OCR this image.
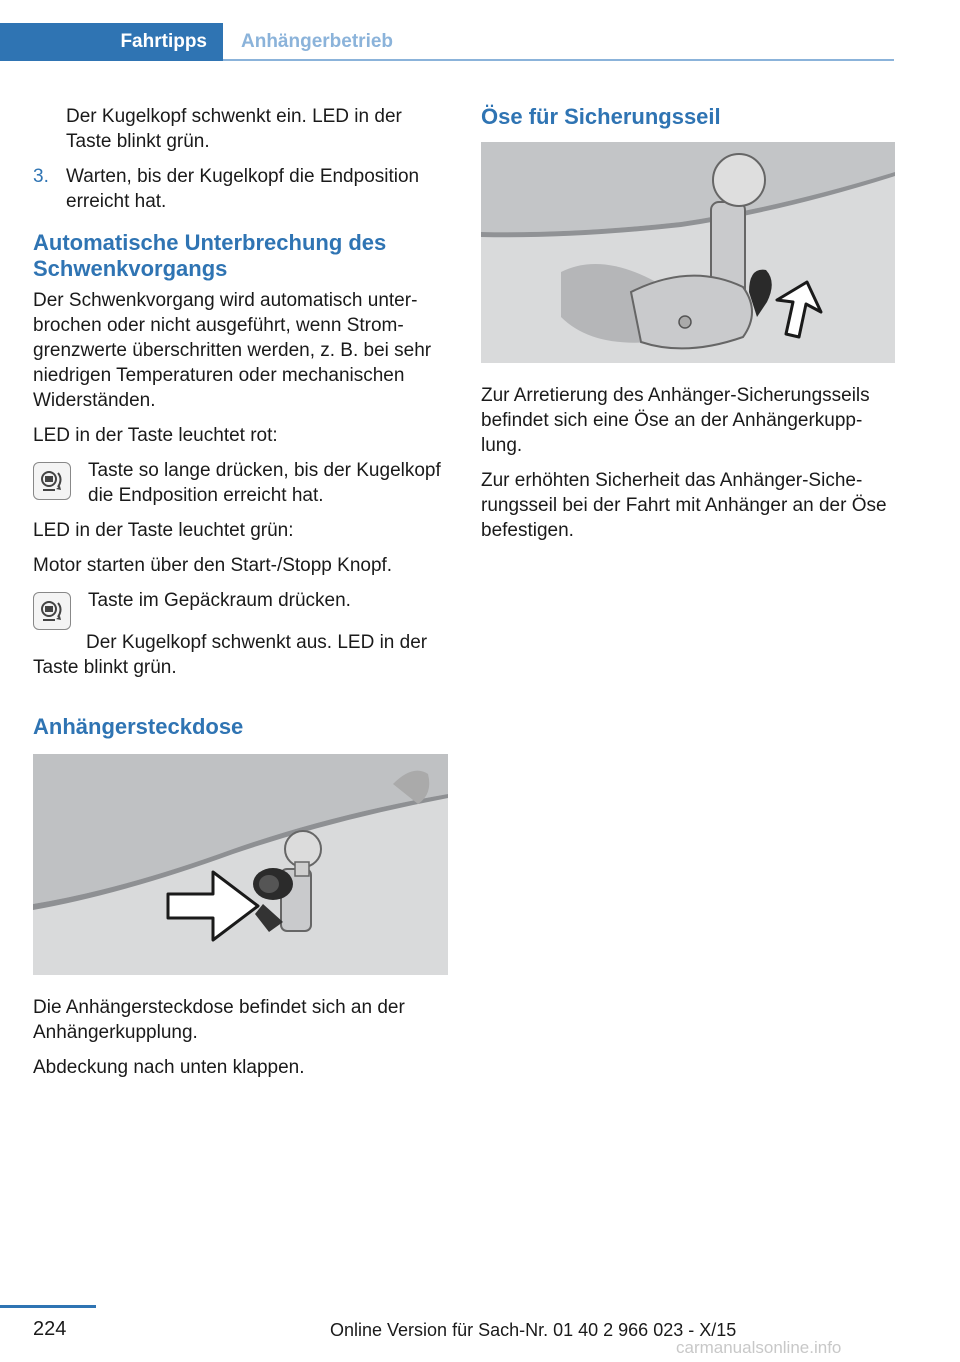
Fahrtipps	Anhängerbetrieb

Der Kugelkopf schwenkt ein. LED in der Taste blinkt grün.

3. Warten, bis der Kugelkopf die Endposition erreicht hat.
Automatische Unterbrechung des Schwenkvorgangs

Der Schwenkvorgang wird automatisch unterbrochen oder nicht ausgeführt, wenn Stromgrenzwerte überschritten werden, z. B. bei sehr niedrigen Temperaturen oder mechanischen Widerständen.

LED in der Taste leuchtet rot:

Taste so lange drücken, bis der Kugelkopf die Endposition erreicht hat.

LED in der Taste leuchtet grün:

Motor starten über den Start-/Stopp Knopf.

Taste im Gepäckraum drücken.

Der Kugelkopf schwenkt aus. LED in der Taste blinkt grün.

Anhängersteckdose

Die Anhängersteckdose befindet sich an der Anhängerkupplung.

Abdeckung nach unten klappen.

Öse für Sicherungsseil

Zur Arretierung des Anhänger-Sicherungsseils befindet sich eine Öse an der Anhängerkupplung.

Zur erhöhten Sicherheit das Anhänger-Sicherungsseil bei der Fahrt mit Anhänger an der Öse befestigen.

224	Online Version für Sach-Nr. 01 40 2 966 023 - X/15
carmanualsonline.info
